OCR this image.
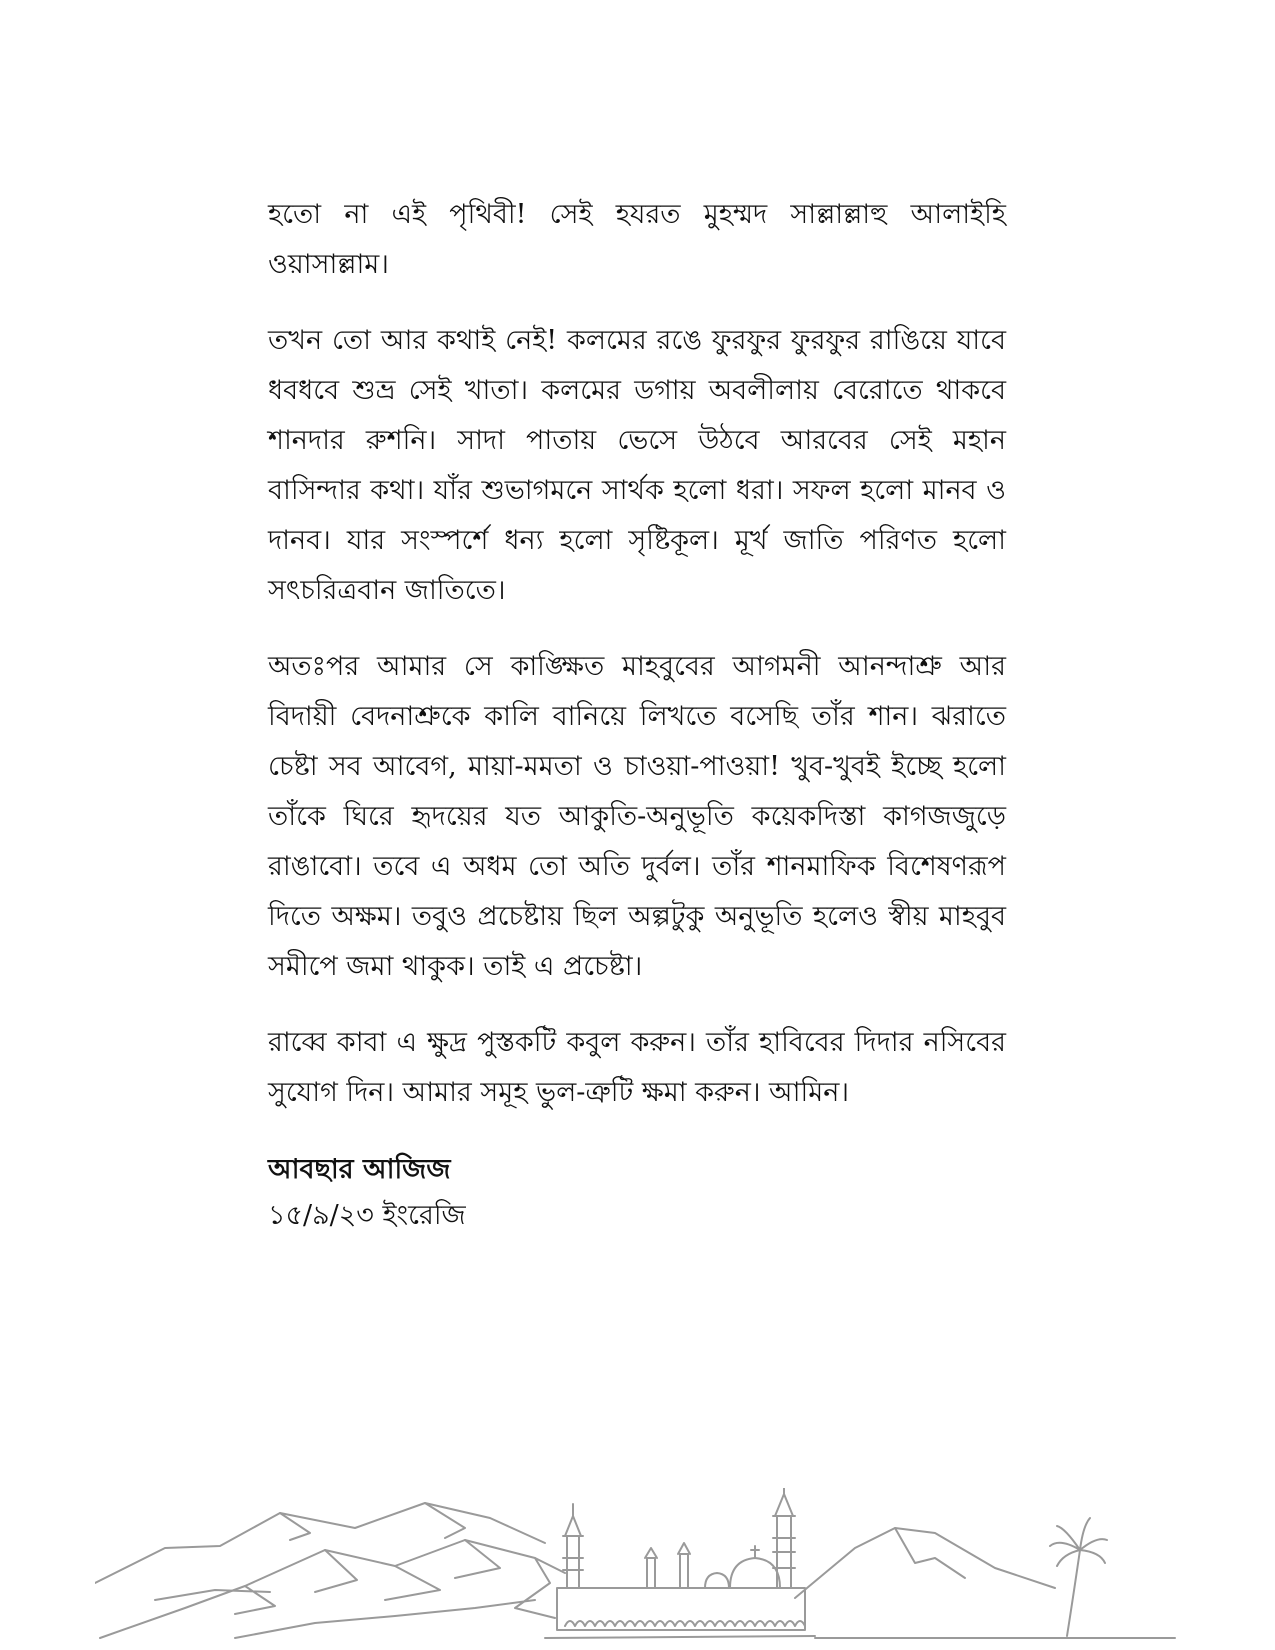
হতো না এই পৃথিবী! সেই হযরত মুহম্মদ সাল্লাল্লাহু আলাইহি ওয়াসাল্লাম।

তখন তো আর কথাই নেই! কলমের রঙে ফুরফুর ফুরফুর রাঙিয়ে যাবে ধবধবে শুভ্র সেই খাতা। কলমের ডগায় অবলীলায় বেরোতে থাকবে শানদার রুশনি। সাদা পাতায় ভেসে উঠবে আরবের সেই মহান বাসিন্দার কথা। যাঁর শুভাগমনে সার্থক হলো ধরা। সফল হলো মানব ও দানব। যার সংস্পর্শে ধন্য হলো সৃষ্টিকূল। মূর্খ জাতি পরিণত হলো সৎচরিত্রবান জাতিতে।

অতঃপর আমার সে কাঙ্ক্ষিত মাহবুবের আগমনী আনন্দাশ্রু আর বিদায়ী বেদনাশ্রুকে কালি বানিয়ে লিখতে বসেছি তাঁর শান। ঝরাতে চেষ্টা সব আবেগ, মায়া-মমতা ও চাওয়া-পাওয়া! খুব-খুবই ইচ্ছে হলো তাঁকে ঘিরে হৃদয়ের যত আকুতি-অনুভূতি কয়েকদিস্তা কাগজজুড়ে রাঙাবো। তবে এ অধম তো অতি দুর্বল। তাঁর শানমাফিক বিশেষণরূপ দিতে অক্ষম। তবুও প্রচেষ্টায় ছিল অল্পটুকু অনুভূতি হলেও স্বীয় মাহবুব সমীপে জমা থাকুক। তাই এ প্রচেষ্টা।

রাব্বে কাবা এ ক্ষুদ্র পুস্তকটি কবুল করুন। তাঁর হাবিবের দিদার নসিবের সুযোগ দিন। আমার সমূহ ভুল-ত্রুটি ক্ষমা করুন। আমিন।

আবছার আজিজ
১৫/৯/২৩ ইংরেজি
